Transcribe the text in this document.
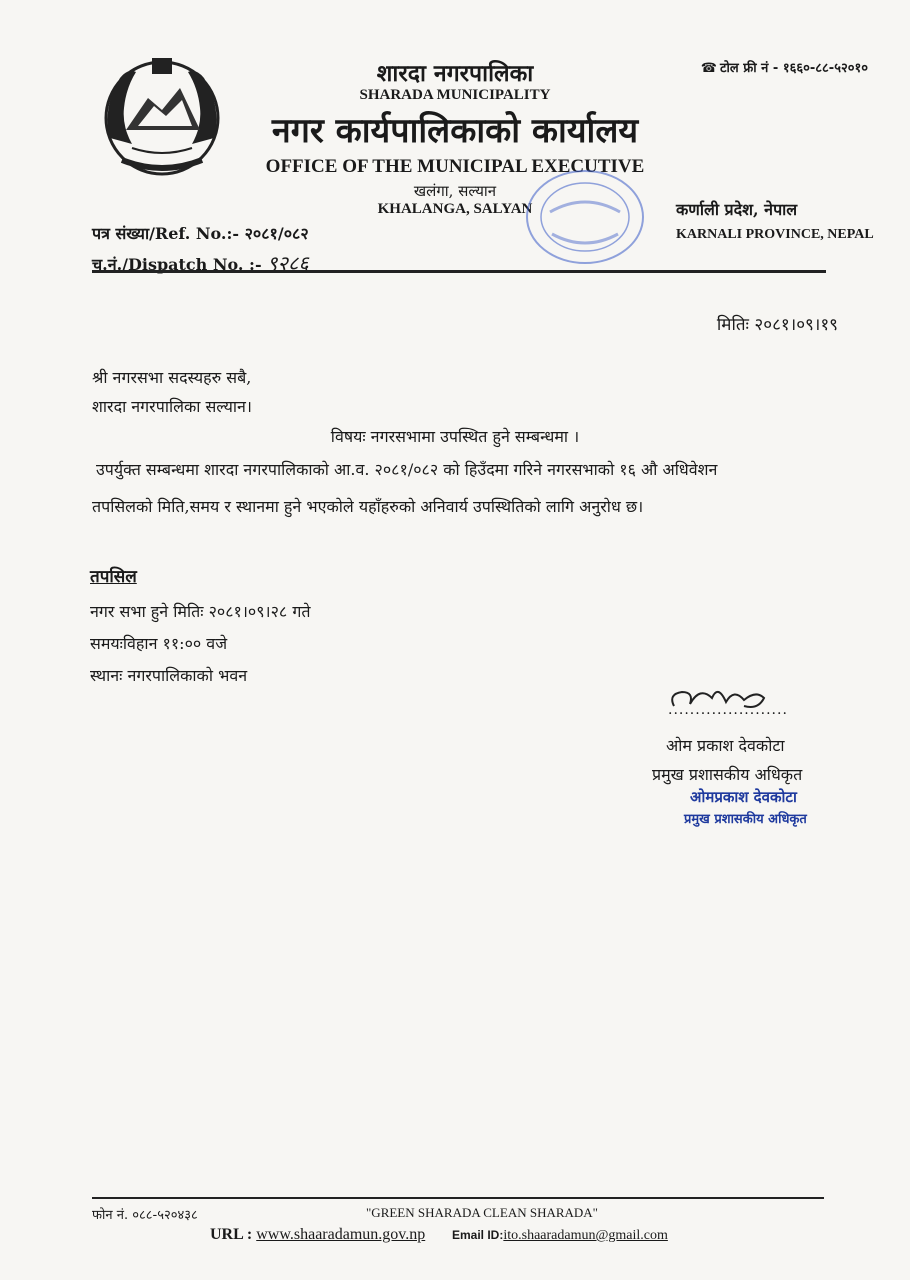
शारदा नगरपालिका
SHARADA MUNICIPALITY
नगर कार्यपालिकाको कार्यालय
OFFICE OF THE MUNICIPAL EXECUTIVE
खलंगा, सल्यान
KHALANGA, SALYAN
☎ टोल फ्री नं - १६६०-८८-५२०१०
कर्णाली प्रदेश, नेपाल
KARNALI PROVINCE, NEPAL
पत्र संख्या/Ref. No.:- २०८१/०८२
च.नं./Dispatch No. :- ९२८६
मितिः २०८१।०९।१९
श्री नगरसभा सदस्यहरु सबै,
शारदा नगरपालिका सल्यान।
विषयः नगरसभामा उपस्थित हुने सम्बन्धमा ।
उपर्युक्त सम्बन्धमा शारदा नगरपालिकाको आ.व. २०८१/०८२ को हिउँदमा गरिने नगरसभाको १६ औ अधिवेशन
तपसिलको मिति,समय र स्थानमा हुने भएकोले यहाँहरुको अनिवार्य उपस्थितिको लागि अनुरोध छ।
तपसिल
नगर सभा हुने मितिः २०८१।०९।२८ गते
समयःविहान ११:०० वजे
स्थानः नगरपालिकाको भवन
......................
ओम प्रकाश देवकोटा
प्रमुख प्रशासकीय अधिकृत
ओमप्रकाश देवकोटा
प्रमुख प्रशासकीय अधिकृत
फोन नं. ०८८-५२०४३८	"GREEN SHARADA CLEAN SHARADA"
URL : www.shaaradamun.gov.np Email ID:ito.shaaradamun@gmail.com
